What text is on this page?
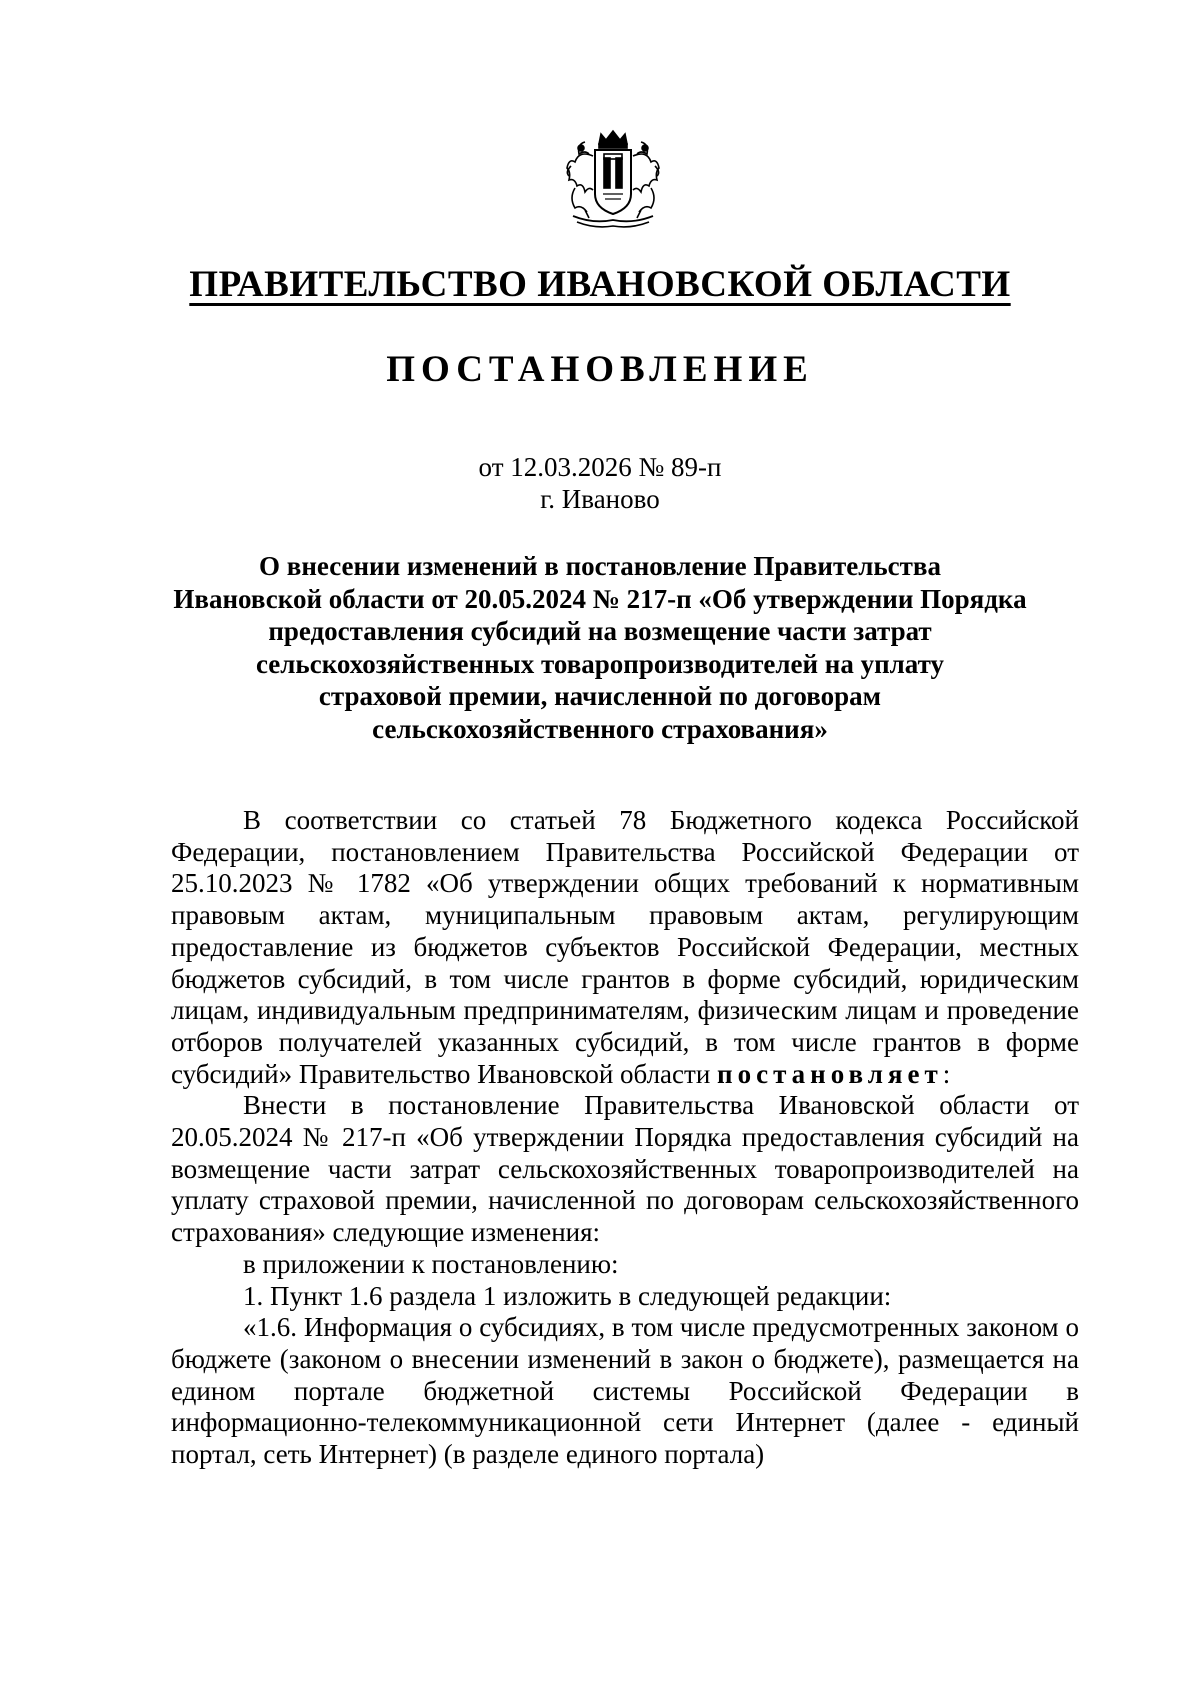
ПРАВИТЕЛЬСТВО ИВАНОВСКОЙ ОБЛАСТИ
ПОСТАНОВЛЕНИЕ
от 12.03.2026 № 89-п
г. Иваново
О внесении изменений в постановление Правительства
Ивановской области от 20.05.2024 № 217-п «Об утверждении Порядка
предоставления субсидий на возмещение части затрат
сельскохозяйственных товаропроизводителей на уплату
страховой премии, начисленной по договорам
сельскохозяйственного страхования»

В соответствии со статьей 78 Бюджетного кодекса Российской Федерации, постановлением Правительства Российской Федерации от 25.10.2023 № 1782 «Об утверждении общих требований к нормативным правовым актам, муниципальным правовым актам, регулирующим предоставление из бюджетов субъектов Российской Федерации, местных бюджетов субсидий, в том числе грантов в форме субсидий, юридическим лицам, индивидуальным предпринимателям, физическим лицам и проведение отборов получателей указанных субсидий, в том числе грантов в форме субсидий» Правительство Ивановской области постановляет:

Внести в постановление Правительства Ивановской области от 20.05.2024 № 217-п «Об утверждении Порядка предоставления субсидий на возмещение части затрат сельскохозяйственных товаропроизводителей на уплату страховой премии, начисленной по договорам сельскохозяйственного страхования» следующие изменения:

в приложении к постановлению:

1. Пункт 1.6 раздела 1 изложить в следующей редакции:

«1.6. Информация о субсидиях, в том числе предусмотренных законом о бюджете (законом о внесении изменений в закон о бюджете), размещается на едином портале бюджетной системы Российской Федерации в информационно-телекоммуникационной сети Интернет (далее - единый портал, сеть Интернет) (в разделе единого портала)
